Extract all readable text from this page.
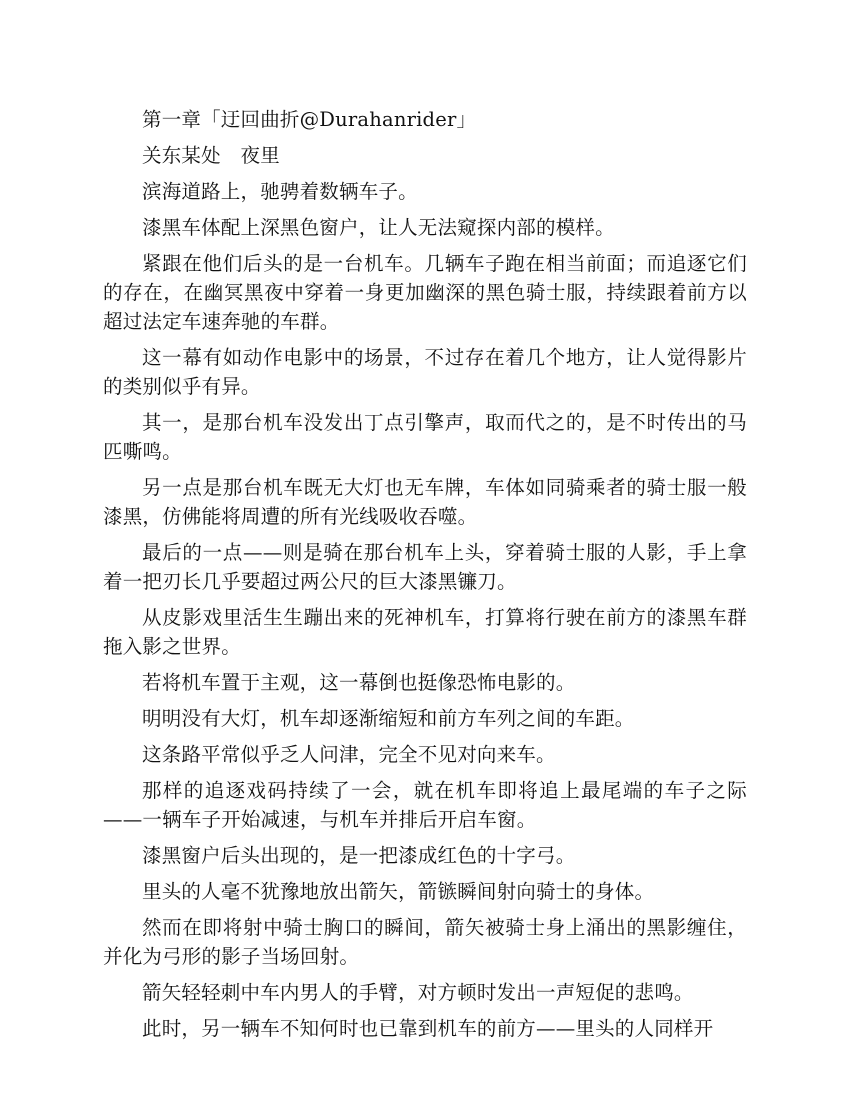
第一章「迂回曲折@Durahanrider」

关东某处　夜里

滨海道路上，驰骋着数辆车子。

漆黑车体配上深黑色窗户，让人无法窥探内部的模样。

紧跟在他们后头的是一台机车。几辆车子跑在相当前面；而追逐它们的存在，在幽冥黑夜中穿着一身更加幽深的黑色骑士服，持续跟着前方以超过法定车速奔驰的车群。

这一幕有如动作电影中的场景，不过存在着几个地方，让人觉得影片的类别似乎有异。

其一，是那台机车没发出丁点引擎声，取而代之的，是不时传出的马匹嘶鸣。

另一点是那台机车既无大灯也无车牌，车体如同骑乘者的骑士服一般漆黑，仿佛能将周遭的所有光线吸收吞噬。

最后的一点——则是骑在那台机车上头，穿着骑士服的人影，手上拿着一把刃长几乎要超过两公尺的巨大漆黑镰刀。

从皮影戏里活生生蹦出来的死神机车，打算将行驶在前方的漆黑车群拖入影之世界。

若将机车置于主观，这一幕倒也挺像恐怖电影的。

明明没有大灯，机车却逐渐缩短和前方车列之间的车距。

这条路平常似乎乏人问津，完全不见对向来车。

那样的追逐戏码持续了一会，就在机车即将追上最尾端的车子之际——一辆车子开始减速，与机车并排后开启车窗。

漆黑窗户后头出现的，是一把漆成红色的十字弓。

里头的人毫不犹豫地放出箭矢，箭镞瞬间射向骑士的身体。

然而在即将射中骑士胸口的瞬间，箭矢被骑士身上涌出的黑影缠住，并化为弓形的影子当场回射。

箭矢轻轻刺中车内男人的手臂，对方顿时发出一声短促的悲鸣。

此时，另一辆车不知何时也已靠到机车的前方——里头的人同样开
